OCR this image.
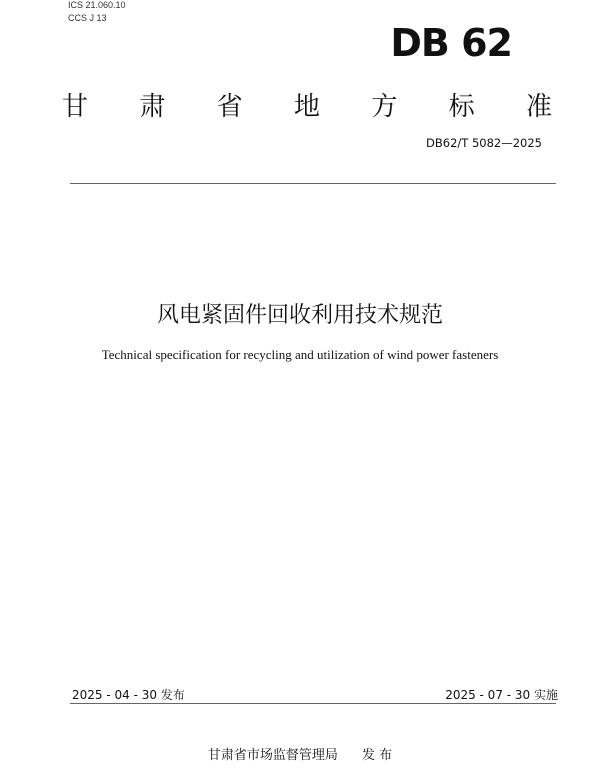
ICS 21.060.10
CCS J 13
DB 62
甘 肃 省 地 方 标 准
DB62/T 5082—2025
风电紧固件回收利用技术规范
Technical specification for recycling and utilization of wind power fasteners
2025 - 04 - 30 发布	2025 - 07 - 30 实施
甘肃省市场监督管理局 发 布
